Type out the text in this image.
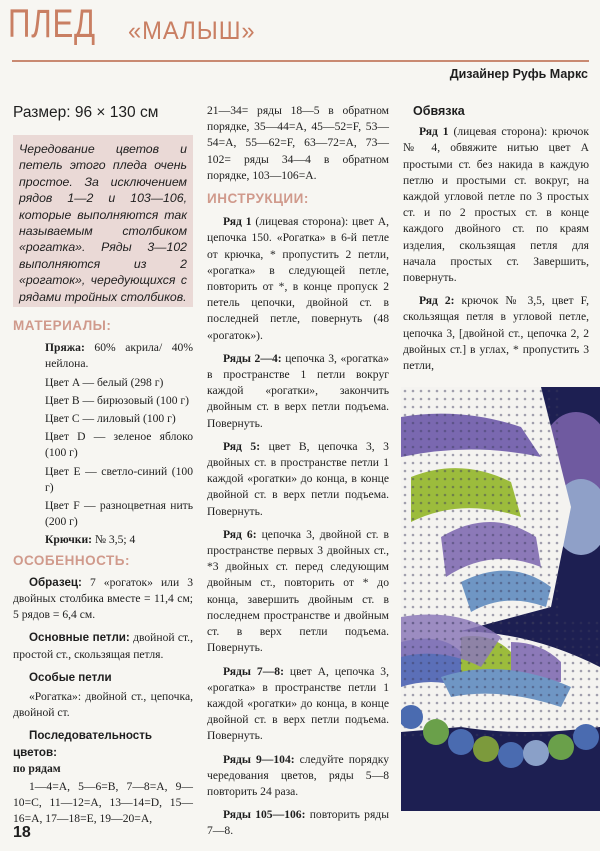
ПЛЕД «МАЛЫШ»
Дизайнер Руфь Маркс
Размер: 96 × 130 см

Чередование цветов и петель этого пледа очень простое. За исключением рядов 1—2 и 103—106, которые выполняются так называемым столбиком «рогатка». Ряды 3—102 выполняются из 2 «рогаток», чередующихся с рядами тройных столбиков.

МАТЕРИАЛЫ:
Пряжа: 60% акрила/ 40% нейлона.
Цвет A — белый (298 г)
Цвет B — бирюзовый (100 г)
Цвет C — лиловый (100 г)
Цвет D — зеленое яблоко (100 г)
Цвет E — светло-синий (100 г)
Цвет F — разноцветная нить (200 г)
Крючки: № 3,5; 4
ОСОБЕННОСТЬ:

Образец: 7 «рогаток» или 3 двойных столбика вместе = 11,4 см; 5 рядов = 6,4 см.

Основные петли: двойной ст., простой ст., скользящая петля.

Особые петли

«Рогатка»: двойной ст., цепочка, двойной ст.

Последовательность цветов:

по рядам

1—4=A, 5—6=B, 7—8=A, 9—10=C, 11—12=A, 13—14=D, 15—16=A, 17—18=E, 19—20=A,

21—34= ряды 18—5 в обратном порядке, 35—44=A, 45—52=F, 53—54=A, 55—62=F, 63—72=A, 73—102= ряды 34—4 в обратном порядке, 103—106=A.

ИНСТРУКЦИИ:

Ряд 1 (лицевая сторона): цвет A, цепочка 150. «Рогатка» в 6-й петле от крючка, * пропустить 2 петли, «рогатка» в следующей петле, повторить от *, в конце пропуск 2 петель цепочки, двойной ст. в последней петле, повернуть (48 «рогаток»).

Ряды 2—4: цепочка 3, «рогатка» в пространстве 1 петли вокруг каждой «рогатки», закончить двойным ст. в верх петли подъема. Повернуть.

Ряд 5: цвет B, цепочка 3, 3 двойных ст. в пространстве петли 1 каждой «рогатки» до конца, в конце двойной ст. в верх петли подъема. Повернуть.

Ряд 6: цепочка 3, двойной ст. в пространстве первых 3 двойных ст., *3 двойных ст. перед следующим двойным ст., повторить от * до конца, завершить двойным ст. в последнем пространстве и двойным ст. в верх петли подъема. Повернуть.

Ряды 7—8: цвет A, цепочка 3, «рогатка» в пространстве петли 1 каждой «рогатки» до конца, в конце двойной ст. в верх петли подъема. Повернуть.

Ряды 9—104: следуйте порядку чередования цветов, ряды 5—8 повторить 24 раза.

Ряды 105—106: повторить ряды 7—8.

Обвязка

Ряд 1 (лицевая сторона): крючок № 4, обвяжите нитью цвет A простыми ст. без накида в каждую петлю и простыми ст. вокруг, на каждой угловой петле по 3 простых ст. и по 2 простых ст. в конце каждого двойного ст. по краям изделия, скользящая петля для начала простых ст. Завершить, повернуть.

Ряд 2: крючок № 3,5, цвет F, скользящая петля в угловой петле, цепочка 3, [двойной ст., цепочка 2, 2 двойных ст.] в углах, * пропустить 3 петли,

18
